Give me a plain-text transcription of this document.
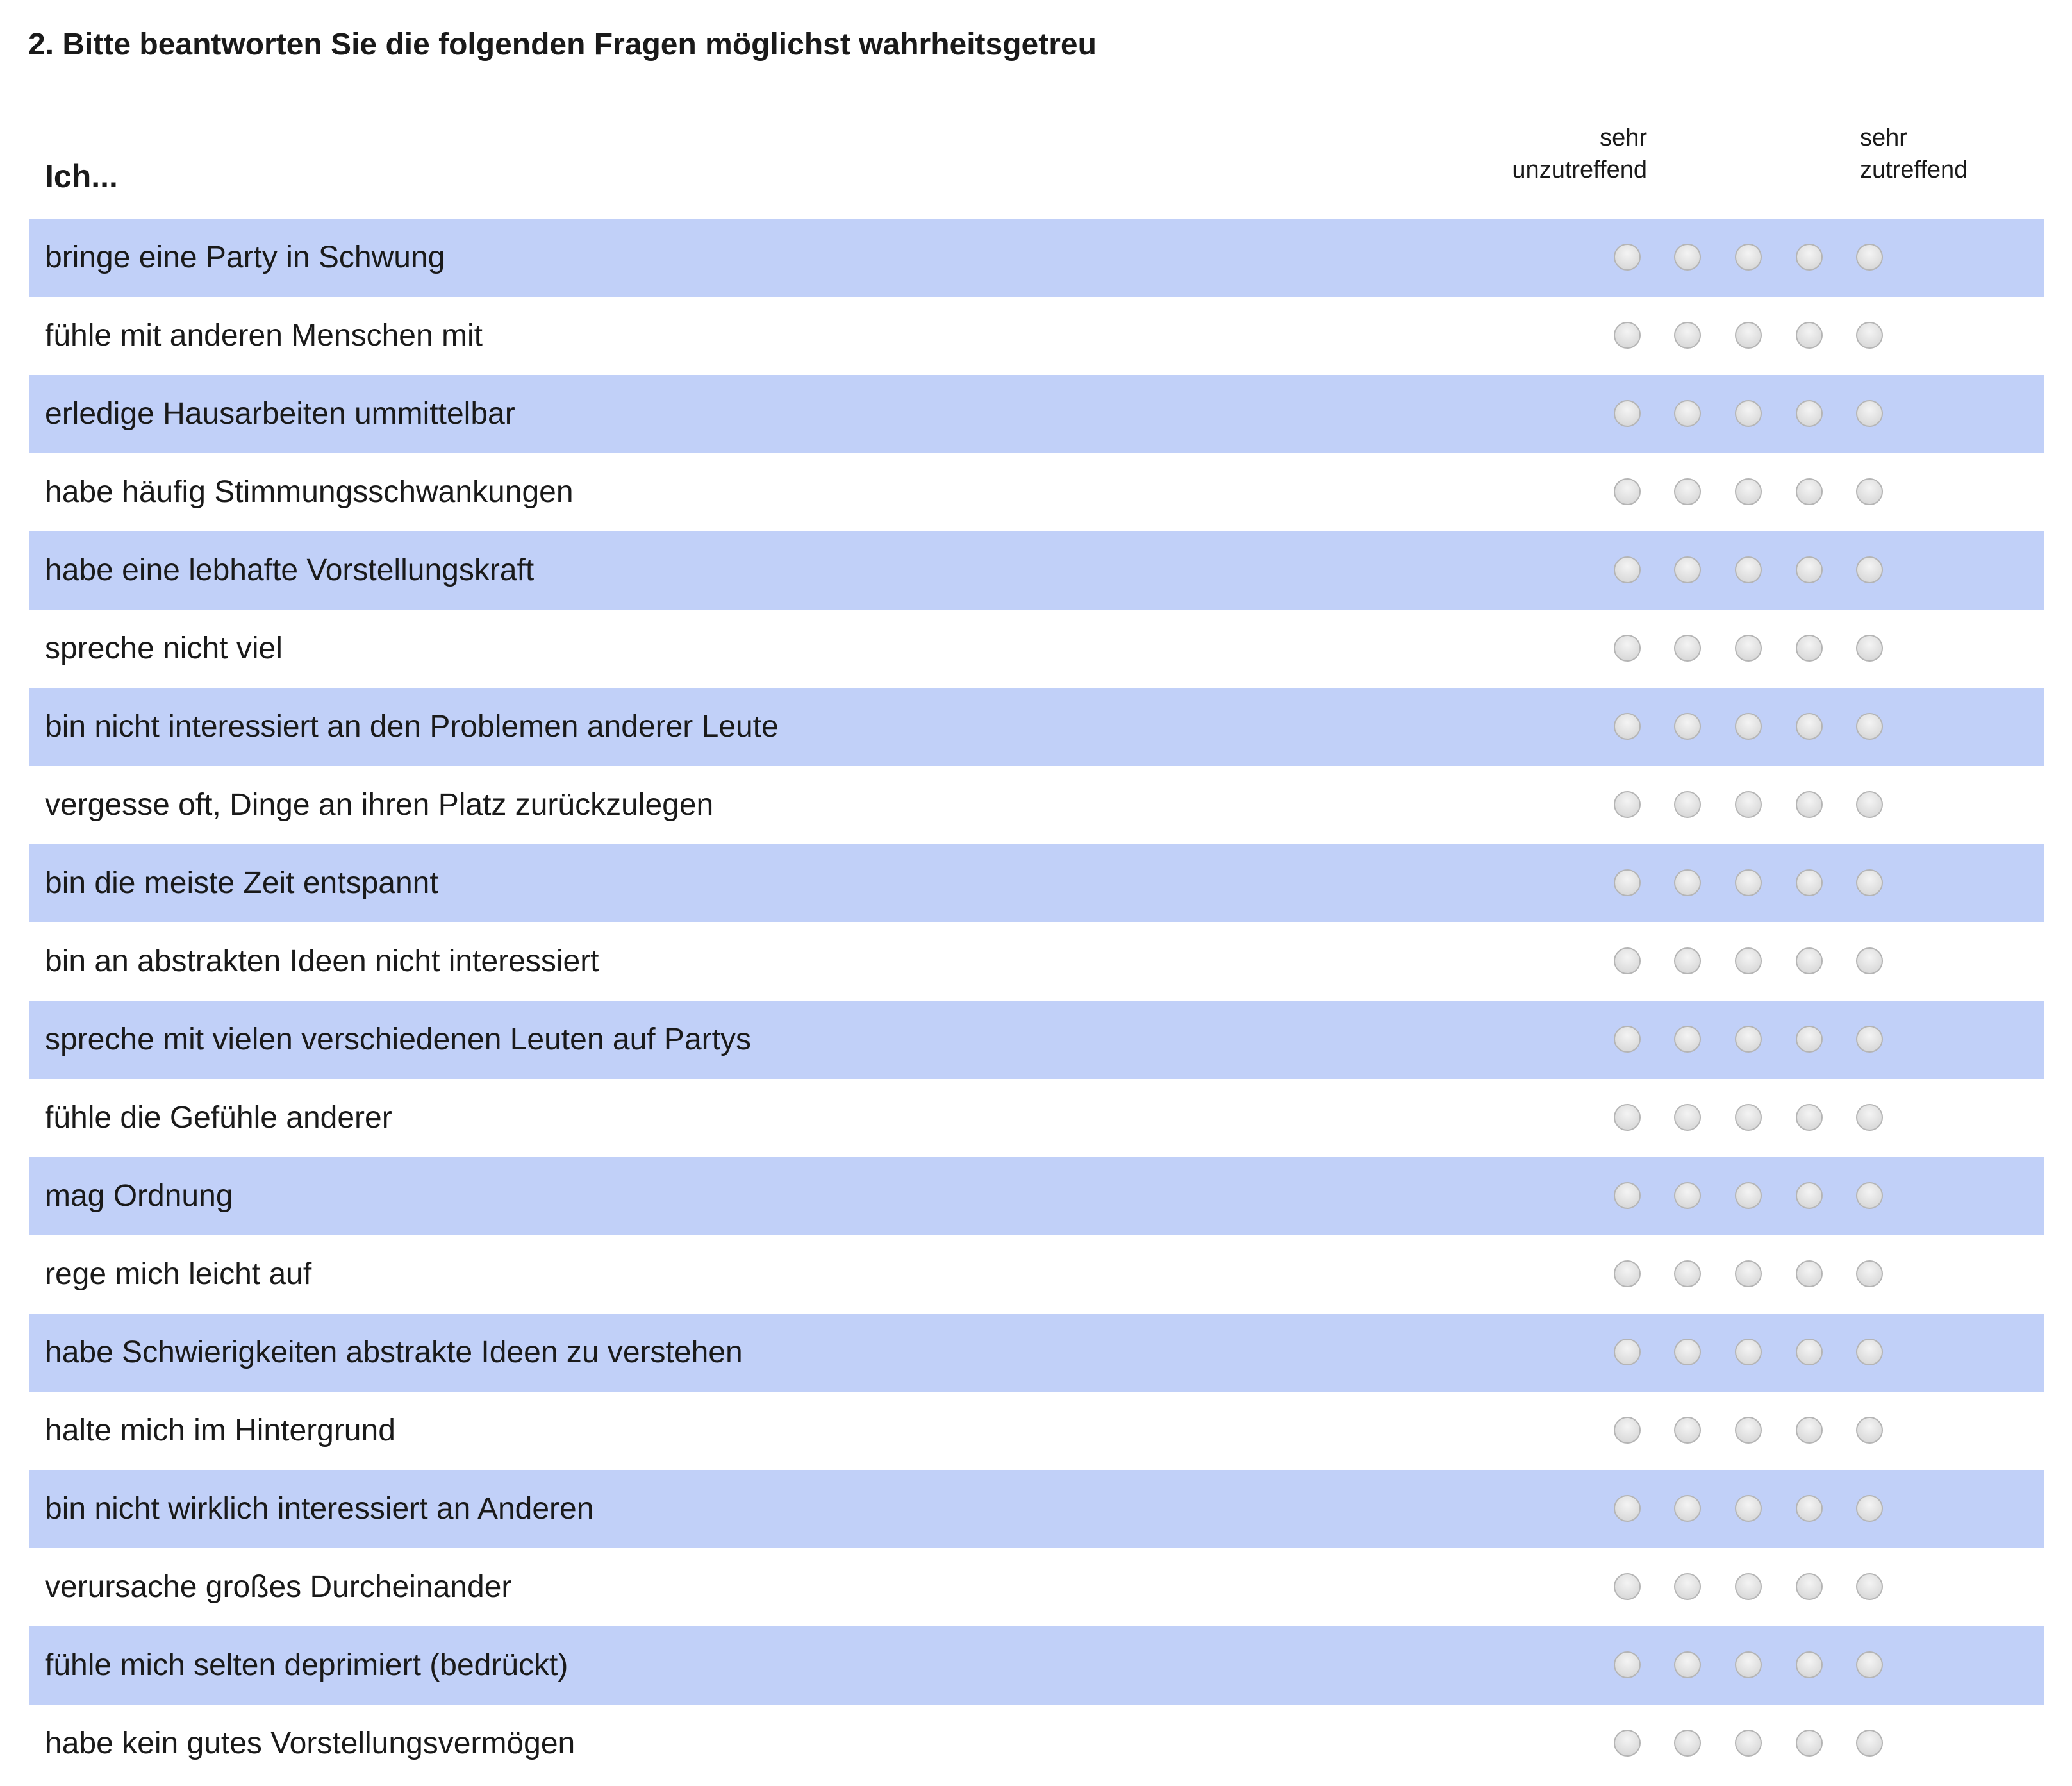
2. Bitte beantworten Sie die folgenden Fragen möglichst wahrheitsgetreu
Ich...
sehr
unzutreffend
sehr
zutreffend
bringe eine Party in Schwung
fühle mit anderen Menschen mit
erledige Hausarbeiten ummittelbar
habe häufig Stimmungsschwankungen
habe eine lebhafte Vorstellungskraft
spreche nicht viel
bin nicht interessiert an den Problemen anderer Leute
vergesse oft, Dinge an ihren Platz zurückzulegen
bin die meiste Zeit entspannt
bin an abstrakten Ideen nicht interessiert
spreche mit vielen verschiedenen Leuten auf Partys
fühle die Gefühle anderer
mag Ordnung
rege mich leicht auf
habe Schwierigkeiten abstrakte Ideen zu verstehen
halte mich im Hintergrund
bin nicht wirklich interessiert an Anderen
verursache großes Durcheinander
fühle mich selten deprimiert (bedrückt)
habe kein gutes Vorstellungsvermögen
